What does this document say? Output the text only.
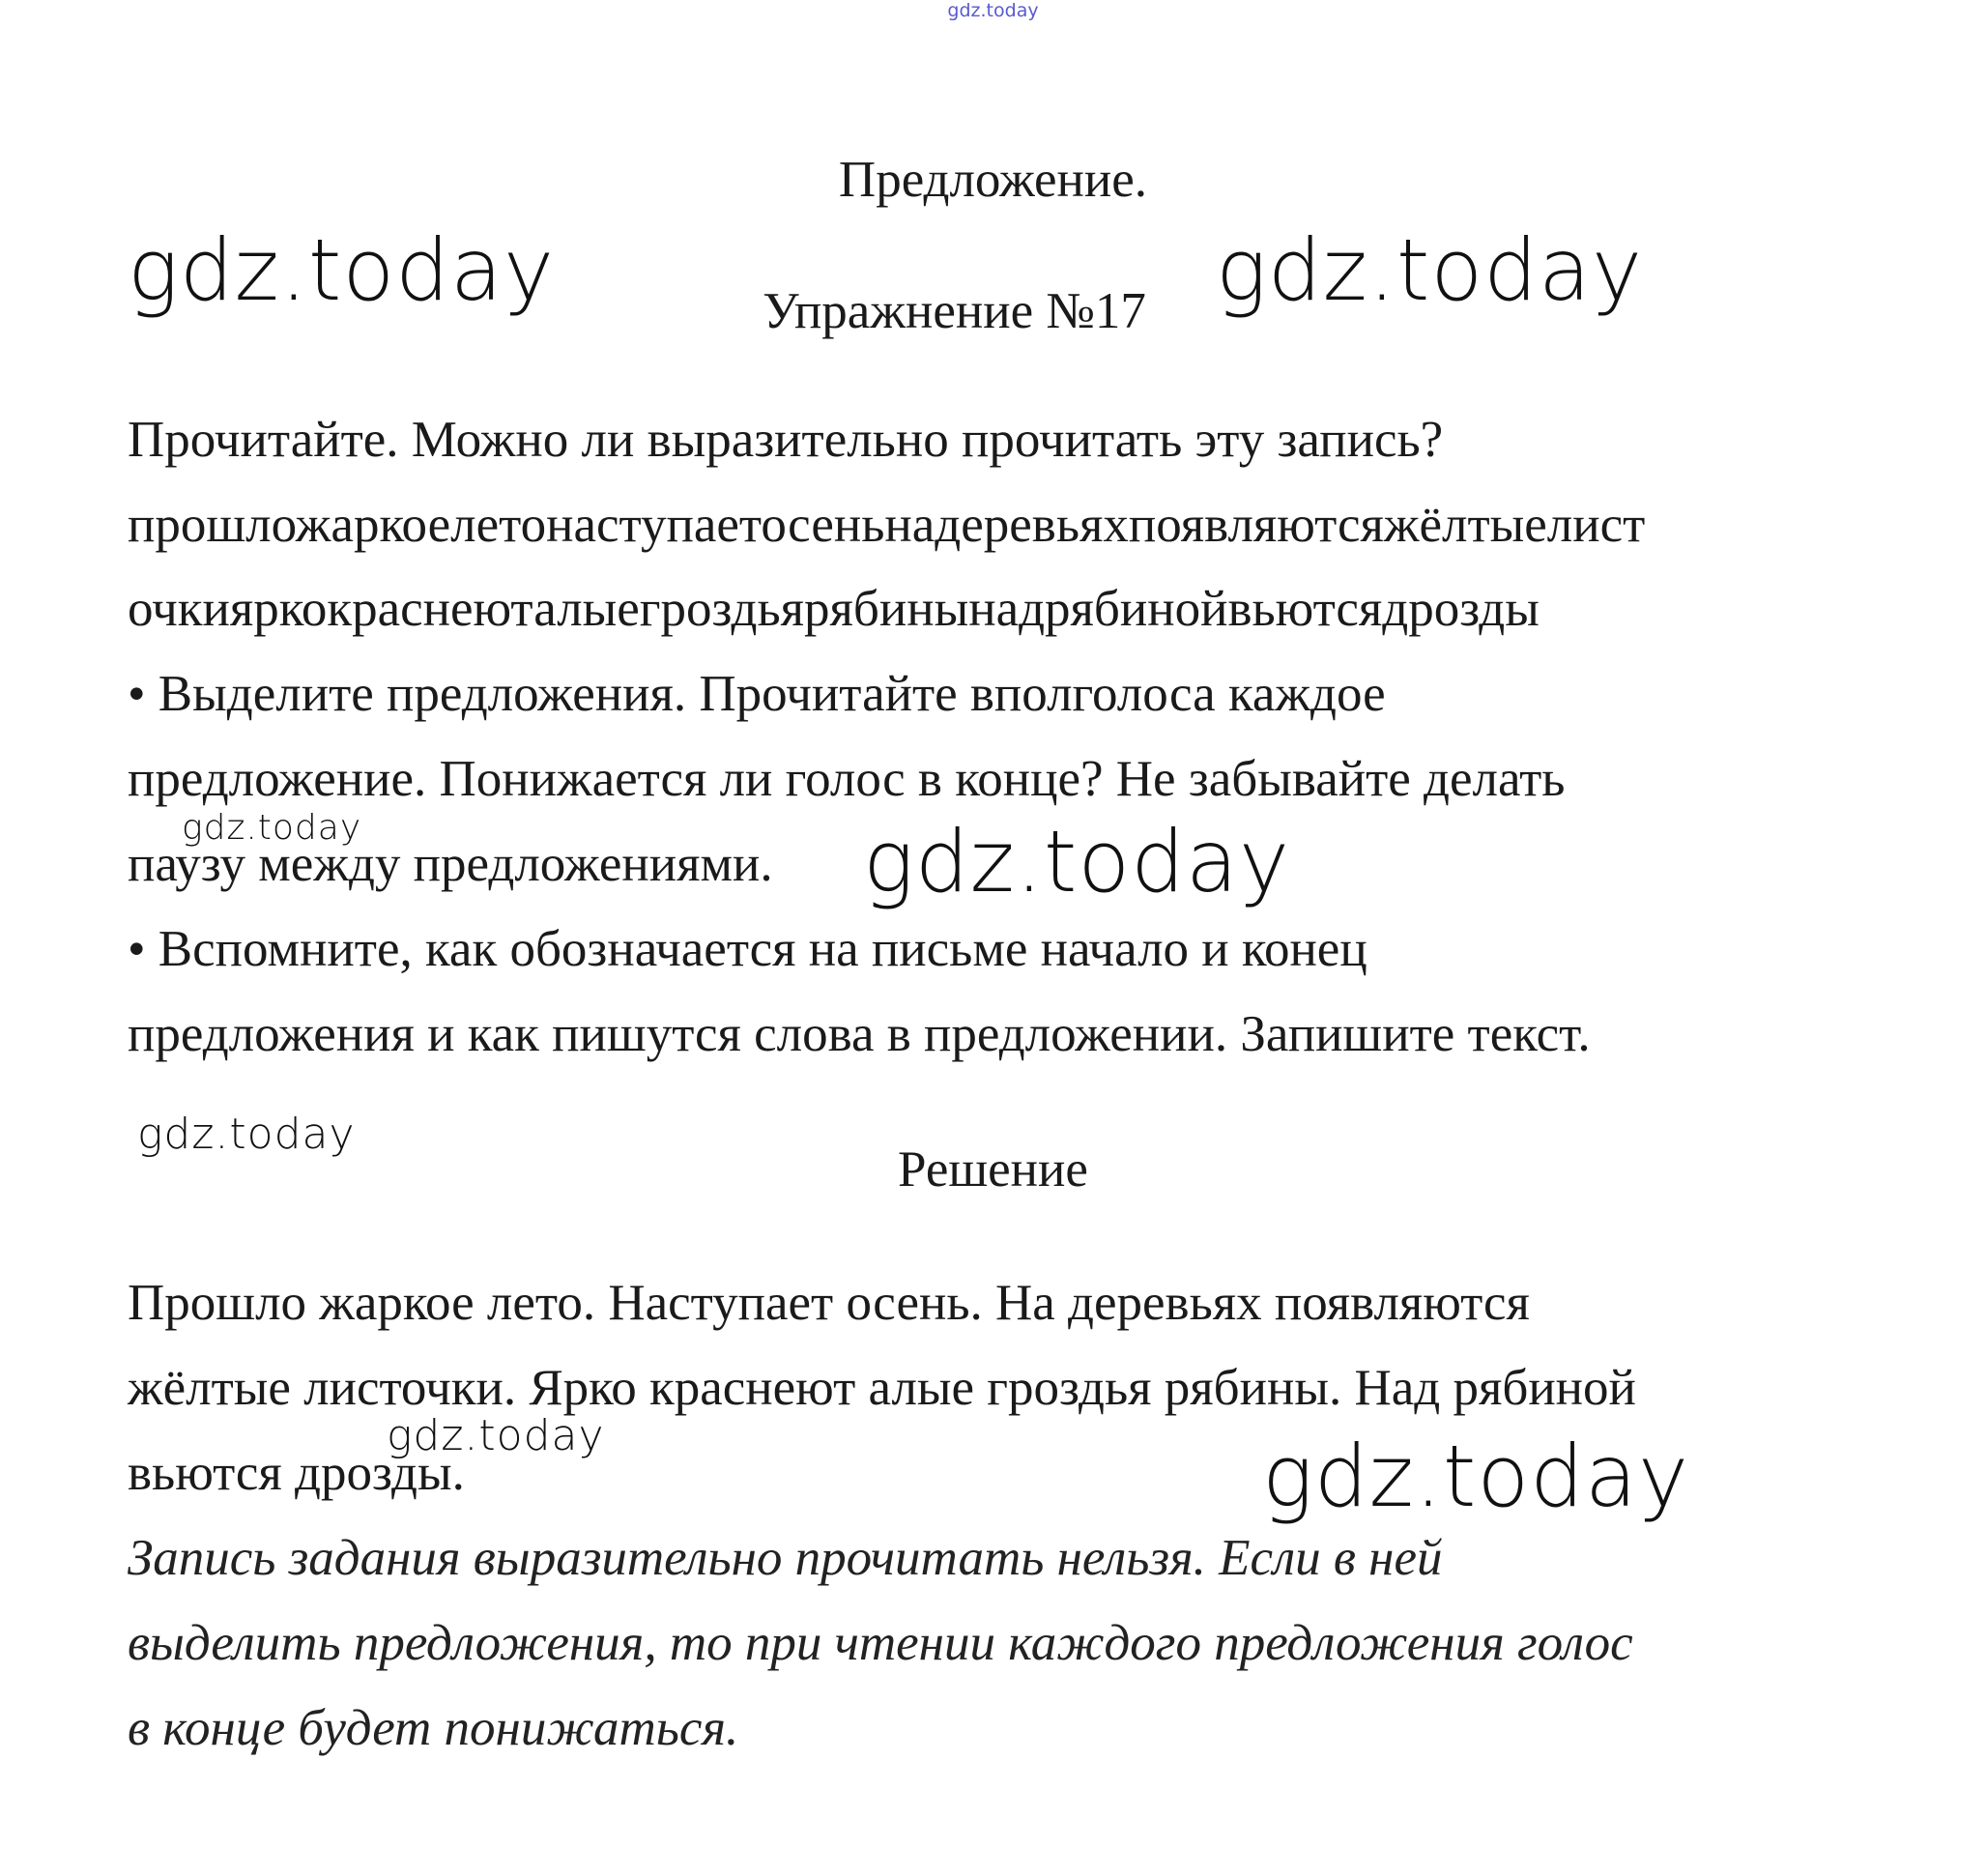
gdz.today
Предложение.
Упражнение №17
Прочитайте. Можно ли выразительно прочитать эту запись?
прошложаркоелетонаступаетосеньнадеревьяхпоявляютсяжёлтыелист
очкияркокраснеюталыегроздьярябинынадрябинойвьютсядрозды
• Выделите предложения. Прочитайте вполголоса каждое
предложение. Понижается ли голос в конце? Не забывайте делать
паузу между предложениями.
• Вспомните, как обозначается на письме начало и конец
предложения и как пишутся слова в предложении. Запишите текст.
Решение
Прошло жаркое лето. Наступает осень. На деревьях появляются
жёлтые листочки. Ярко краснеют алые гроздья рябины. Над рябиной
вьются дрозды.
Запись задания выразительно прочитать нельзя. Если в ней
выделить предложения, то при чтении каждого предложения голос
в конце будет понижаться.
gdz.today	gdz.today
gdz.today	gdz.today
gdz.today
gdz.today	gdz.today
